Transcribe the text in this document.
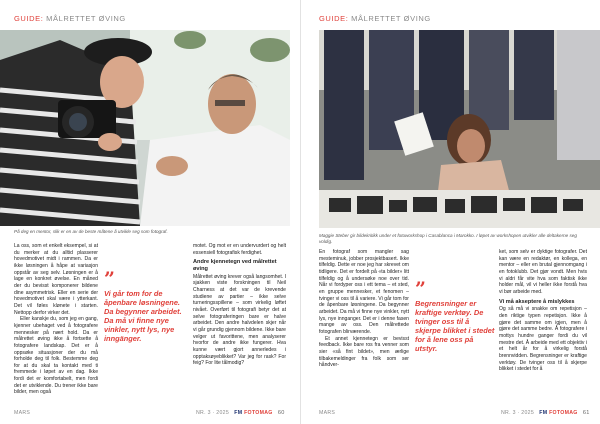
GUIDE: MÅLRETTET ØVING
På deg en mentor, slik er en av de beste måtene å utvikle seg som fotograf.

La oss, som et enkelt eksempel, si at du merker at du alltid plasserer hovedmotivet midt i rammen. Da er ikke løsningen å håpe at variasjon oppstår av seg selv. Løsningen er å lage en konkret øvelse. En måned der du bevisst komponerer bildene dine asymmetrisk. Eller en serie der hovedmotivet skal være i ytterkant. Det vil føles klønete i starten. Nettopp derfor virker det.

Eller kanskje du, som jeg en gang, kjenner ubehaget ved å fotografere mennesker på nært hold. Da er målrettet øving ikke å fortsette å fotografere landskap. Det er å oppsøke situasjoner der du må forholde deg til folk. Bestemme deg for at du skal ta kontakt med ti fremmede i løpet av en dag. Ikke fordi det er komfortabelt, men fordi det er utviklende. Du trener ikke bare bilder, men også

”
Vi går tom for de åpenbare løsningene. Da begynner arbeidet. Da må vi finne nye vinkler, nytt lys, nye inngänger.

motet. Og mot er en undervurdert og helt essensiell fotografisk ferdighet.

Andre kjennetegn ved målrettet øving

Målrettet øving krever også langsomhet. I sjakken viste forskningen til Neil Charness at det var de krevende studiene av partier – ikke selve turneringsspillene – som virkelig løftet nivået. Overført til fotografi betyr det at selve fotograferingen bare er halve arbeidet. Den andre halvdelen skjer når vi går grundig gjennom bildene. Ikke bare velger ut favorittene, men analyserer hvorfor de andre ikke fungerer. Hva kunne vært gjort annerledes i opptaksøyeblikket? Var jeg for rask? For feig? For lite tålmodig?

MARS	NR. 3 · 2025 FM FOTOMAG 60
GUIDE: MÅLRETTET ØVING
Maggie Steber gir bildekritikk under et fotoworkshop i Casablanca i Marokko. I løpet av workshopen utvikler alle deltakerne seg voldig.

En fotograf som mangler sag mesteminuk, jobber prosjektbasert. Ikke tilfeldig. Dette er noe jeg har skrevet om tidligere. Det er fordelt på «ta bilder» litt tilfeldig og å undersøke noe over tid. Når vi fordyper oss i ett tema – et sted, en gruppe mennesker, et fenomen – tvinger vi oss til å variere. Vi går tom for de åpenbare løsningene. Da begynner arbeidet. Da må vi finne nye vinkler, nytt lys, nye innganger. Det er i denne fasen mange av oss. Den målrettede fotografen blirværende.

Et annet kjennetegn er bevisst feedback. Ikke bare ros fra venner som sier «så fint bildet», men ærlige tilbakemeldinger fra folk som ser håndver-

”
Begrensninger er kraftige verktøy. De tvinger oss til å skjerpe blikket i stedet for å lene oss på utstyr.

ket, som selv er dyktige fotografer. Det kan være en redaktør, en kollega, en mentor – eller en brutal gjennomgang i en fotoklubb. Det gjør vondt. Men hvis vi aldri får vite hva som faktisk ikke holder mål, vil vi heller ikke forstå hva vi bør arbeide med.

Vi må akseptere å mislykkes

Og så må vi snakke om repetisjon – den riktige typen repetisjon. Ikke å gjøre det samme om igjen, men å gjøre det samme bedre. Å fotografere i mottys hundre ganger fordi du vil mestre det. Å arbeide med ett objektiv i et helt år for å virkelig forstå brennvidden. Begrensninger er kraftige verktøy. De tvinger oss til å skjerpe blikket i stedet for å

MARS	NR. 3 · 2025 FM FOTOMAG 61
